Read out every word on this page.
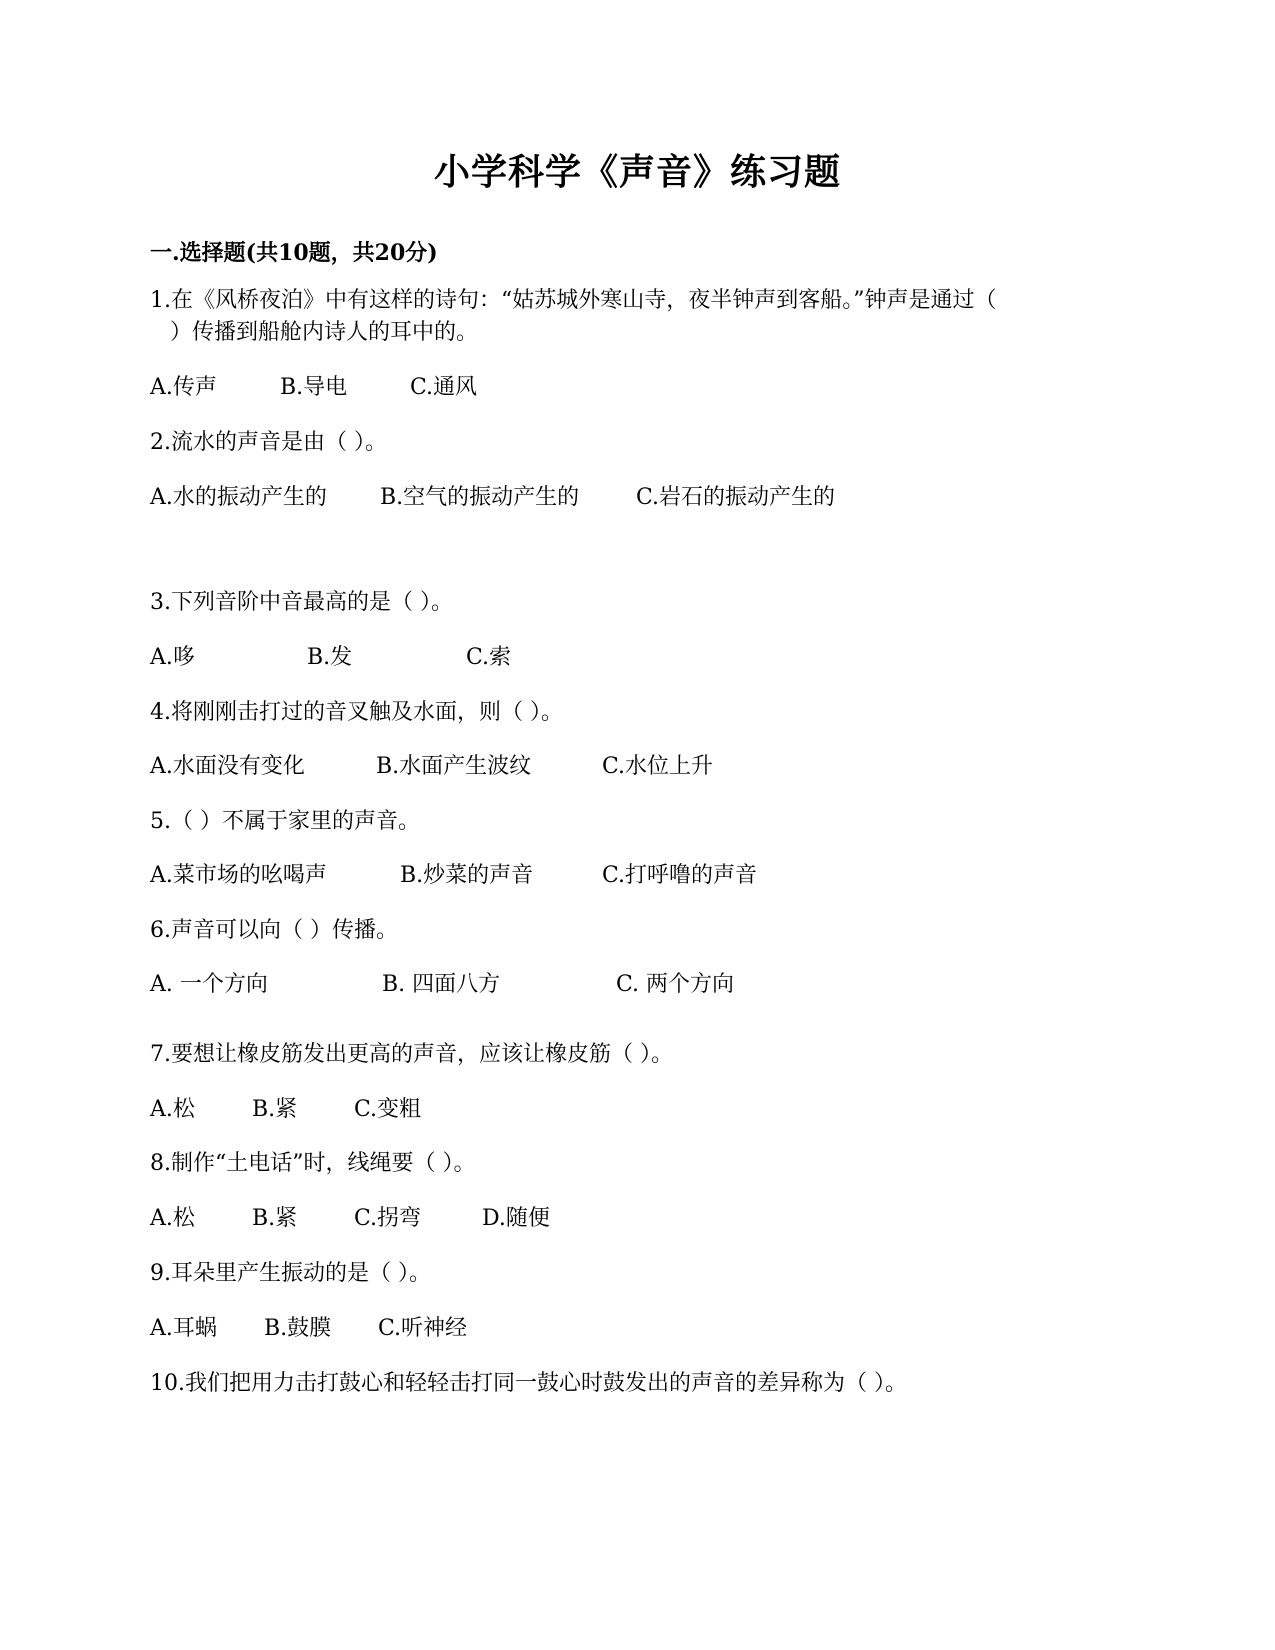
小学科学《声音》练习题
一.选择题(共10题，共20分)
1.在《风桥夜泊》中有这样的诗句：“姑苏城外寒山寺，夜半钟声到客船。”钟声是通过（
）传播到船舱内诗人的耳中的。
A.传声	B.导电	C.通风
2.流水的声音是由（ ）。
A.水的振动产生的 B.空气的振动产生的	C.岩石的振动产生的
3.下列音阶中音最高的是（ ）。
A.哆	B.发	C.索
4.将刚刚击打过的音叉触及水面，则（ ）。
A.水面没有变化	B.水面产生波纹	C.水位上升
5.（ ）不属于家里的声音。
A.菜市场的吆喝声	B.炒菜的声音	C.打呼噜的声音
6.声音可以向（ ）传播。
A. 一个方向	B. 四面八方	C. 两个方向
7.要想让橡皮筋发出更高的声音，应该让橡皮筋（ ）。
A.松	B.紧	C.变粗
8.制作“土电话”时，线绳要（ ）。
A.松	B.紧	C.拐弯	D.随便
9.耳朵里产生振动的是（ ）。
A.耳蜗 B.鼓膜 C.听神经
10.我们把用力击打鼓心和轻轻击打同一鼓心时鼓发出的声音的差异称为（ ）。
